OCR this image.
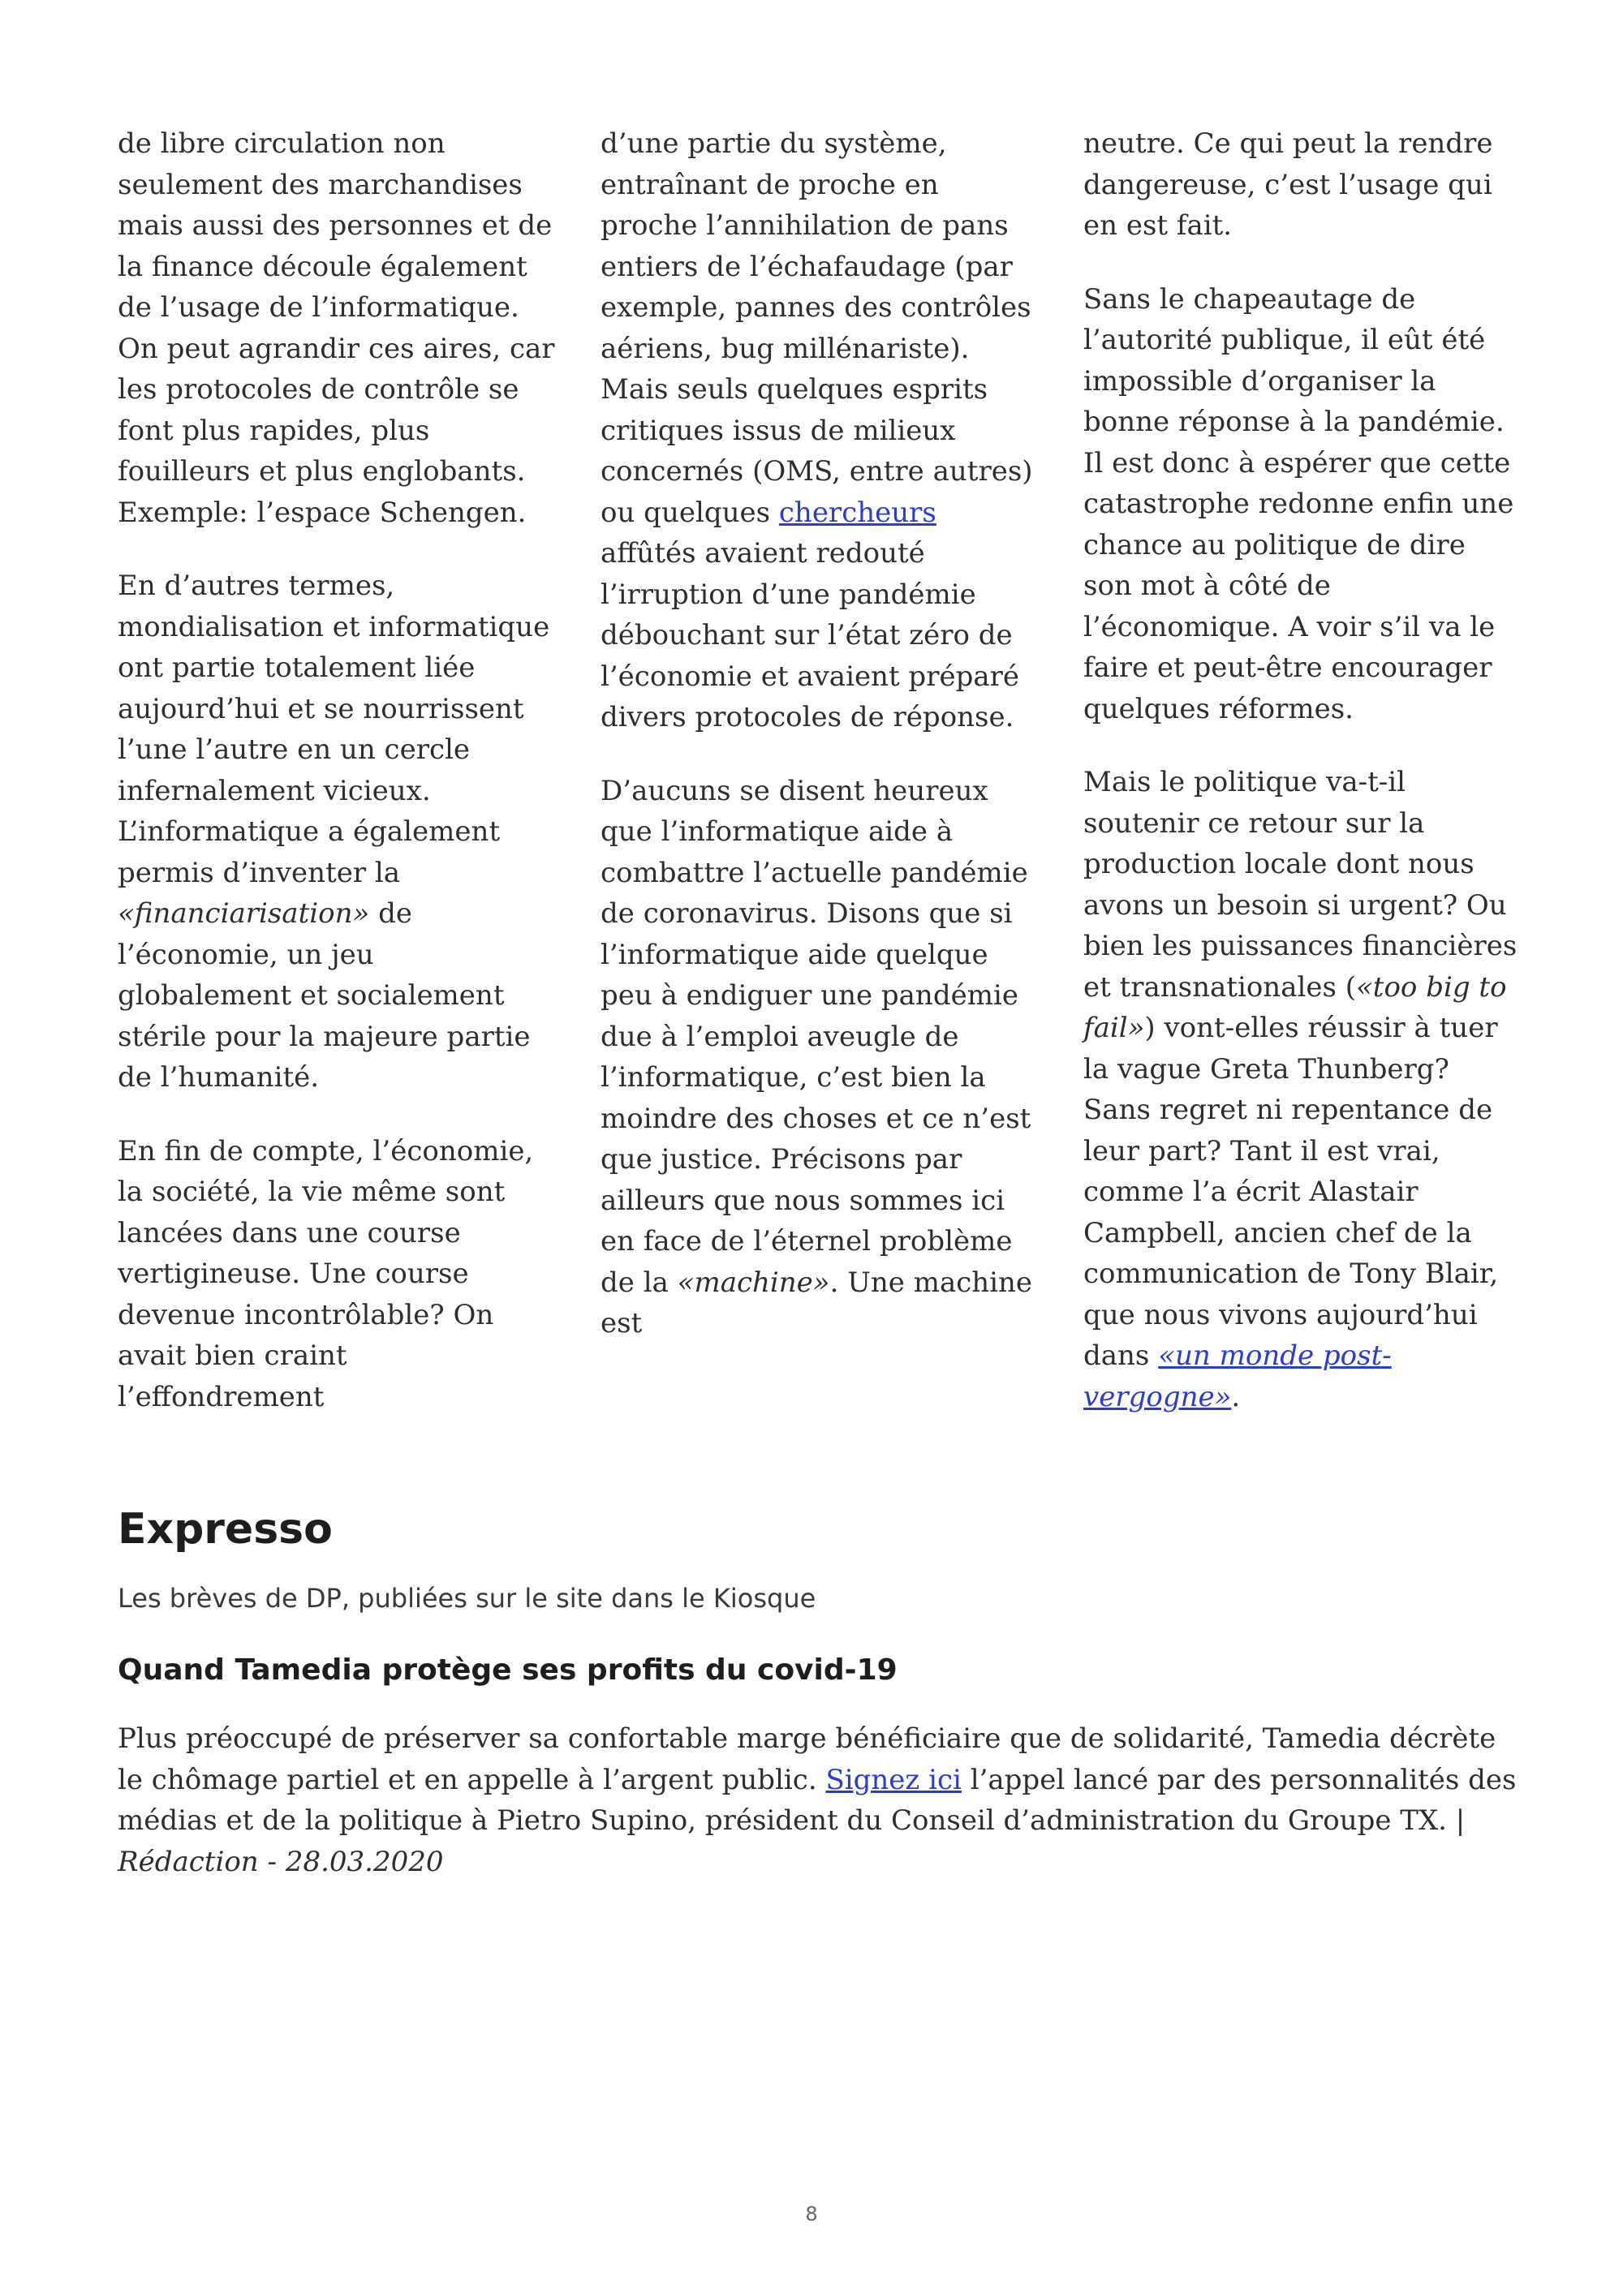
de libre circulation non seulement des marchandises mais aussi des personnes et de la finance découle également de l’usage de l’informatique. On peut agrandir ces aires, car les protocoles de contrôle se font plus rapides, plus fouilleurs et plus englobants. Exemple: l’espace Schengen.

En d’autres termes, mondialisation et informatique ont partie totalement liée aujourd’hui et se nourrissent l’une l’autre en un cercle infernalement vicieux. L’informatique a également permis d’inventer la «financiarisation» de l’économie, un jeu globalement et socialement stérile pour la majeure partie de l’humanité.

En fin de compte, l’économie, la société, la vie même sont lancées dans une course vertigineuse. Une course devenue incontrôlable? On avait bien craint l’effondrement

d’une partie du système, entraînant de proche en proche l’annihilation de pans entiers de l’échafaudage (par exemple, pannes des contrôles aériens, bug millénariste). Mais seuls quelques esprits critiques issus de milieux concernés (OMS, entre autres) ou quelques chercheurs affûtés avaient redouté l’irruption d’une pandémie débouchant sur l’état zéro de l’économie et avaient préparé divers protocoles de réponse.

D’aucuns se disent heureux que l’informatique aide à combattre l’actuelle pandémie de coronavirus. Disons que si l’informatique aide quelque peu à endiguer une pandémie due à l’emploi aveugle de l’informatique, c’est bien la moindre des choses et ce n’est que justice. Précisons par ailleurs que nous sommes ici en face de l’éternel problème de la «machine». Une machine est

neutre. Ce qui peut la rendre dangereuse, c’est l’usage qui en est fait.

Sans le chapeautage de l’autorité publique, il eût été impossible d’organiser la bonne réponse à la pandémie. Il est donc à espérer que cette catastrophe redonne enfin une chance au politique de dire son mot à côté de l’économique. A voir s’il va le faire et peut-être encourager quelques réformes.

Mais le politique va-t-il soutenir ce retour sur la production locale dont nous avons un besoin si urgent? Ou bien les puissances financières et transnationales («too big to fail») vont-elles réussir à tuer la vague Greta Thunberg? Sans regret ni repentance de leur part? Tant il est vrai, comme l’a écrit Alastair Campbell, ancien chef de la communication de Tony Blair, que nous vivons aujourd’hui dans «un monde post-vergogne».

Expresso
Les brèves de DP, publiées sur le site dans le Kiosque
Quand Tamedia protège ses profits du covid-19

Plus préoccupé de préserver sa confortable marge bénéficiaire que de solidarité, Tamedia décrète le chômage partiel et en appelle à l’argent public. Signez ici l’appel lancé par des personnalités des médias et de la politique à Pietro Supino, président du Conseil d’administration du Groupe TX. | Rédaction - 28.03.2020

8
